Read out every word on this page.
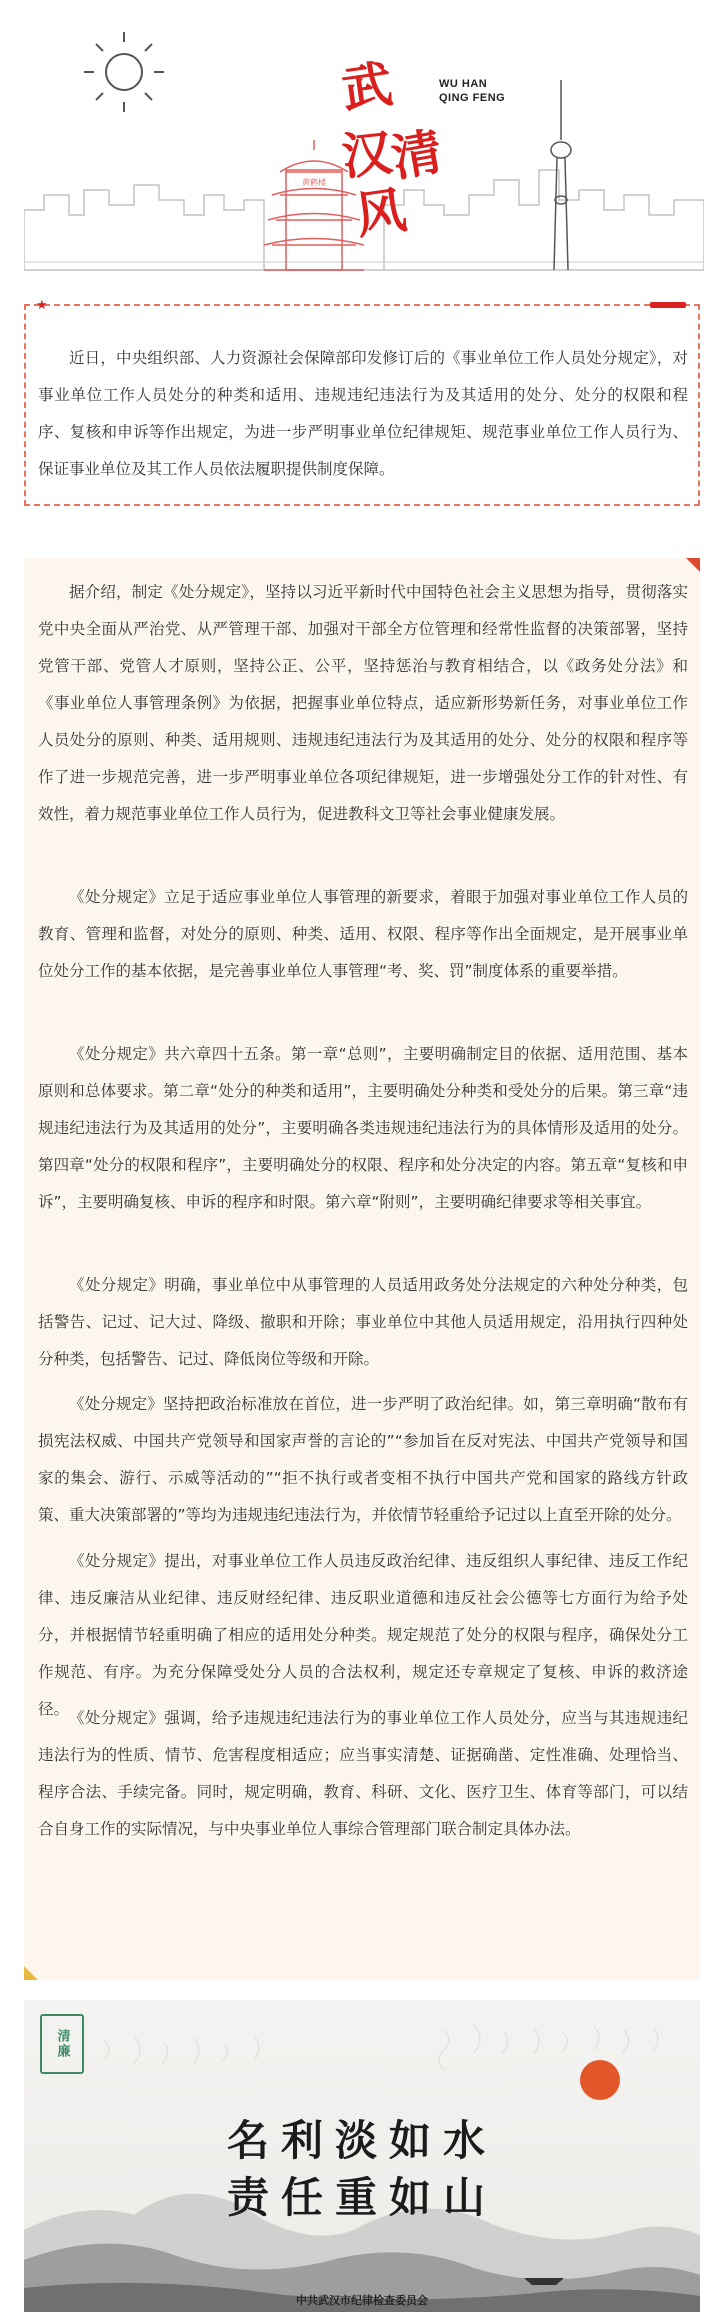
黄鹤楼
武
汉
清
风
WU HAN
QING FENG
★

近日，中央组织部、人力资源社会保障部印发修订后的《事业单位工作人员处分规定》，对事业单位工作人员处分的种类和适用、违规违纪违法行为及其适用的处分、处分的权限和程序、复核和申诉等作出规定，为进一步严明事业单位纪律规矩、规范事业单位工作人员行为、保证事业单位及其工作人员依法履职提供制度保障。

据介绍，制定《处分规定》，坚持以习近平新时代中国特色社会主义思想为指导，贯彻落实党中央全面从严治党、从严管理干部、加强对干部全方位管理和经常性监督的决策部署，坚持党管干部、党管人才原则，坚持公正、公平，坚持惩治与教育相结合，以《政务处分法》和《事业单位人事管理条例》为依据，把握事业单位特点，适应新形势新任务，对事业单位工作人员处分的原则、种类、适用规则、违规违纪违法行为及其适用的处分、处分的权限和程序等作了进一步规范完善，进一步严明事业单位各项纪律规矩，进一步增强处分工作的针对性、有效性，着力规范事业单位工作人员行为，促进教科文卫等社会事业健康发展。

《处分规定》立足于适应事业单位人事管理的新要求，着眼于加强对事业单位工作人员的教育、管理和监督，对处分的原则、种类、适用、权限、程序等作出全面规定，是开展事业单位处分工作的基本依据，是完善事业单位人事管理“考、奖、罚”制度体系的重要举措。

《处分规定》共六章四十五条。第一章“总则”，主要明确制定目的依据、适用范围、基本原则和总体要求。第二章“处分的种类和适用”，主要明确处分种类和受处分的后果。第三章“违规违纪违法行为及其适用的处分”，主要明确各类违规违纪违法行为的具体情形及适用的处分。第四章“处分的权限和程序”，主要明确处分的权限、程序和处分决定的内容。第五章“复核和申诉”，主要明确复核、申诉的程序和时限。第六章“附则”，主要明确纪律要求等相关事宜。

《处分规定》明确，事业单位中从事管理的人员适用政务处分法规定的六种处分种类，包括警告、记过、记大过、降级、撤职和开除；事业单位中其他人员适用规定，沿用执行四种处分种类，包括警告、记过、降低岗位等级和开除。

《处分规定》坚持把政治标准放在首位，进一步严明了政治纪律。如，第三章明确“散布有损宪法权威、中国共产党领导和国家声誉的言论的”“参加旨在反对宪法、中国共产党领导和国家的集会、游行、示威等活动的”“拒不执行或者变相不执行中国共产党和国家的路线方针政策、重大决策部署的”等均为违规违纪违法行为，并依情节轻重给予记过以上直至开除的处分。

《处分规定》提出，对事业单位工作人员违反政治纪律、违反组织人事纪律、违反工作纪律、违反廉洁从业纪律、违反财经纪律、违反职业道德和违反社会公德等七方面行为给予处分，并根据情节轻重明确了相应的适用处分种类。规定规范了处分的权限与程序，确保处分工作规范、有序。为充分保障受处分人员的合法权利，规定还专章规定了复核、申诉的救济途径。 《处分规定》强调，给予违规违纪违法行为的事业单位工作人员处分，应当与其违规违纪违法行为的性质、情节、危害程度相适应；应当事实清楚、证据确凿、定性准确、处理恰当、程序合法、手续完备。同时，规定明确，教育、科研、文化、医疗卫生、体育等部门，可以结合自身工作的实际情况，与中央事业单位人事综合管理部门联合制定具体办法。

清廉
名利淡如水
责任重如山
中共武汉市纪律检查委员会
